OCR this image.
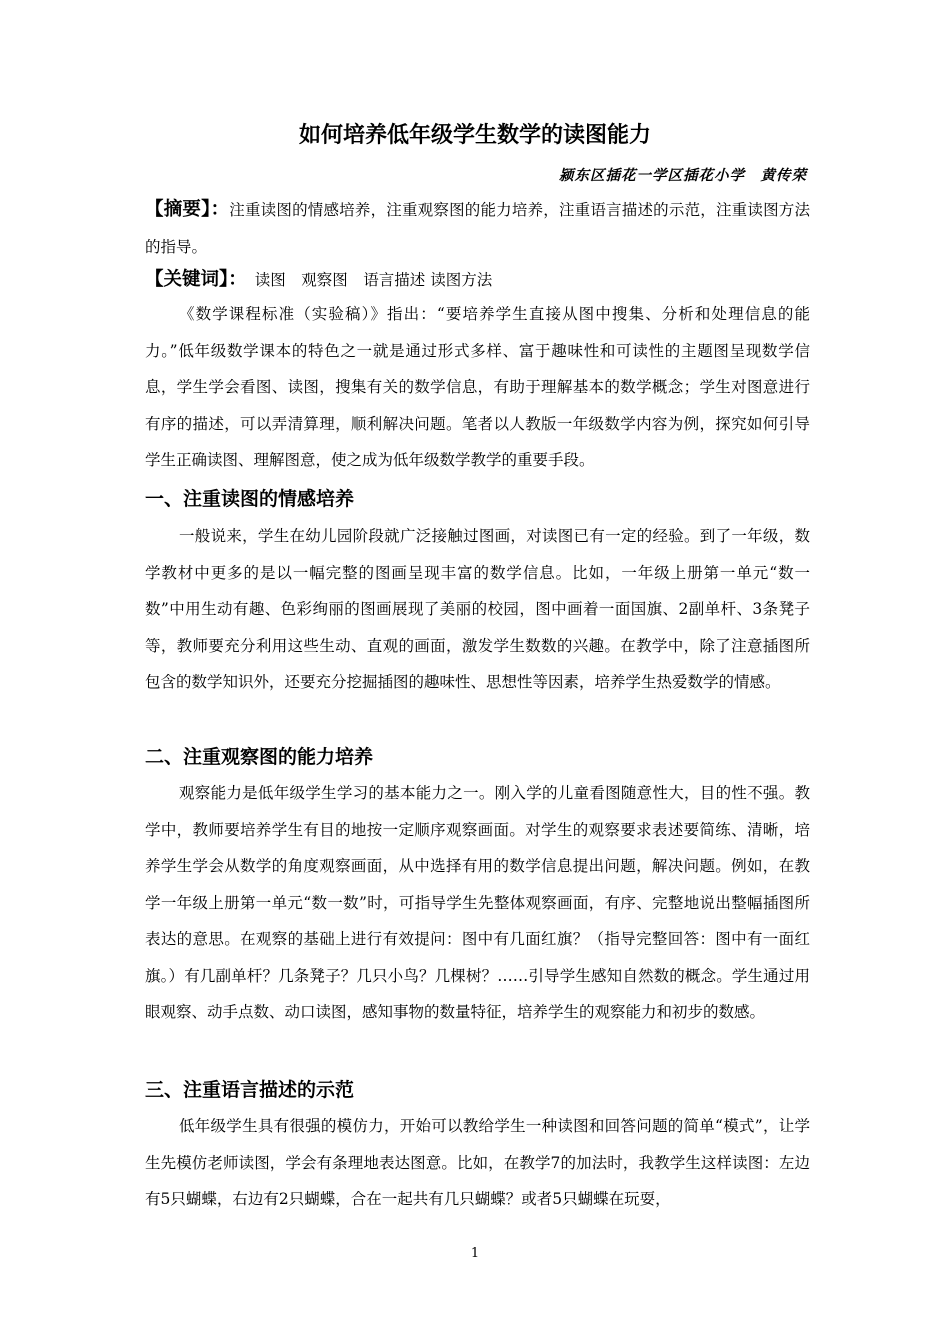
如何培养低年级学生数学的读图能力
颍东区插花一学区插花小学　黄传荣
【摘要】：注重读图的情感培养，注重观察图的能力培养，注重语言描述的示范，注重读图方法的指导。
【关键词】： 读图　观察图　语言描述 读图方法
《数学课程标准（实验稿）》指出：“要培养学生直接从图中搜集、分析和处理信息的能力。”低年级数学课本的特色之一就是通过形式多样、富于趣味性和可读性的主题图呈现数学信息，学生学会看图、读图，搜集有关的数学信息，有助于理解基本的数学概念；学生对图意进行有序的描述，可以弄清算理，顺利解决问题。笔者以人教版一年级数学内容为例，探究如何引导学生正确读图、理解图意，使之成为低年级数学教学的重要手段。
一、注重读图的情感培养
一般说来，学生在幼儿园阶段就广泛接触过图画，对读图已有一定的经验。到了一年级，数学教材中更多的是以一幅完整的图画呈现丰富的数学信息。比如，一年级上册第一单元“数一数”中用生动有趣、色彩绚丽的图画展现了美丽的校园，图中画着一面国旗、2副单杆、3条凳子等，教师要充分利用这些生动、直观的画面，激发学生数数的兴趣。在教学中，除了注意插图所包含的数学知识外，还要充分挖掘插图的趣味性、思想性等因素，培养学生热爱数学的情感。
二、注重观察图的能力培养
观察能力是低年级学生学习的基本能力之一。刚入学的儿童看图随意性大，目的性不强。教学中，教师要培养学生有目的地按一定顺序观察画面。对学生的观察要求表述要简练、清晰，培养学生学会从数学的角度观察画面，从中选择有用的数学信息提出问题，解决问题。例如，在教学一年级上册第一单元“数一数”时，可指导学生先整体观察画面，有序、完整地说出整幅插图所表达的意思。在观察的基础上进行有效提问：图中有几面红旗？（指导完整回答：图中有一面红旗。）有几副单杆？几条凳子？几只小鸟？几棵树？……引导学生感知自然数的概念。学生通过用眼观察、动手点数、动口读图，感知事物的数量特征，培养学生的观察能力和初步的数感。
三、注重语言描述的示范
低年级学生具有很强的模仿力，开始可以教给学生一种读图和回答问题的简单“模式”，让学生先模仿老师读图，学会有条理地表达图意。比如，在教学7的加法时，我教学生这样读图：左边有5只蝴蝶，右边有2只蝴蝶，合在一起共有几只蝴蝶？或者5只蝴蝶在玩耍，
1
